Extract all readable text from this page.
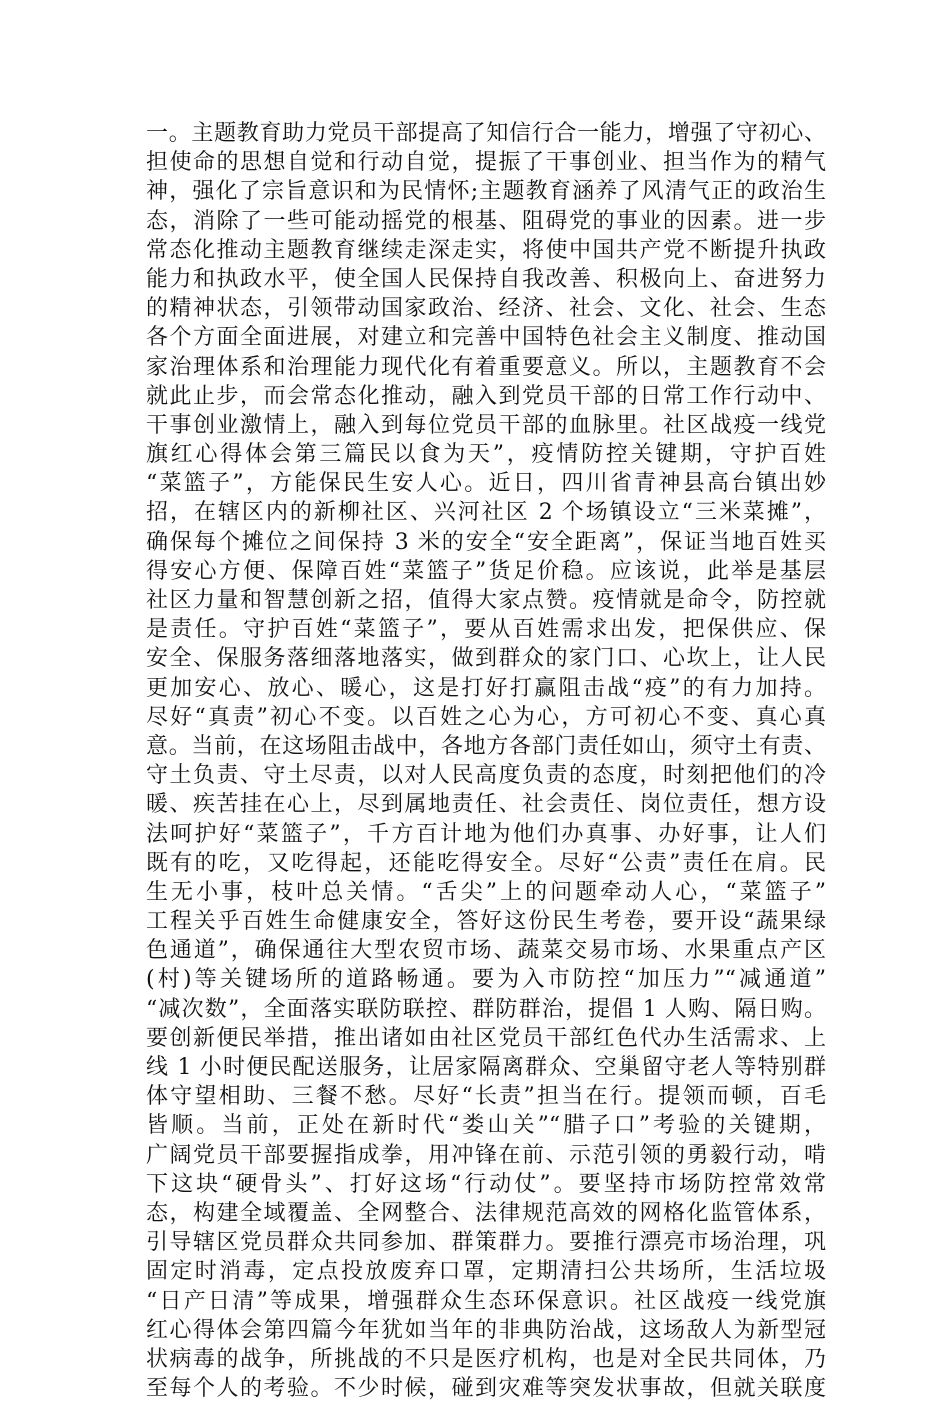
一。主题教育助力党员干部提高了知信行合一能力，增强了守初心、
担使命的思想自觉和行动自觉，提振了干事创业、担当作为的精气
神，强化了宗旨意识和为民情怀;主题教育涵养了风清气正的政治生
态，消除了一些可能动摇党的根基、阻碍党的事业的因素。进一步
常态化推动主题教育继续走深走实，将使中国共产党不断提升执政
能力和执政水平，使全国人民保持自我改善、积极向上、奋进努力
的精神状态，引领带动国家政治、经济、社会、文化、社会、生态
各个方面全面进展，对建立和完善中国特色社会主义制度、推动国
家治理体系和治理能力现代化有着重要意义。所以，主题教育不会
就此止步，而会常态化推动，融入到党员干部的日常工作行动中、
干事创业激情上，融入到每位党员干部的血脉里。社区战疫一线党
旗红心得体会第三篇民以食为天”，疫情防控关键期，守护百姓
“菜篮子”，方能保民生安人心。近日，四川省青神县高台镇出妙
招，在辖区内的新柳社区、兴河社区 2 个场镇设立“三米菜摊”，
确保每个摊位之间保持 3 米的安全“安全距离”，保证当地百姓买
得安心方便、保障百姓“菜篮子”货足价稳。应该说，此举是基层
社区力量和智慧创新之招，值得大家点赞。疫情就是命令，防控就
是责任。守护百姓“菜篮子”，要从百姓需求出发，把保供应、保
安全、保服务落细落地落实，做到群众的家门口、心坎上，让人民
更加安心、放心、暖心，这是打好打赢阻击战“疫”的有力加持。
尽好“真责”初心不变。以百姓之心为心，方可初心不变、真心真
意。当前，在这场阻击战中，各地方各部门责任如山，须守土有责、
守土负责、守土尽责，以对人民高度负责的态度，时刻把他们的冷
暖、疾苦挂在心上，尽到属地责任、社会责任、岗位责任，想方设
法呵护好“菜篮子”，千方百计地为他们办真事、办好事，让人们
既有的吃，又吃得起，还能吃得安全。尽好“公责”责任在肩。民
生无小事，枝叶总关情。“舌尖”上的问题牵动人心，“菜篮子”
工程关乎百姓生命健康安全，答好这份民生考卷，要开设“蔬果绿
色通道”，确保通往大型农贸市场、蔬菜交易市场、水果重点产区
(村)等关键场所的道路畅通。要为入市防控“加压力”“减通道”
“减次数”，全面落实联防联控、群防群治，提倡 1 人购、隔日购。
要创新便民举措，推出诸如由社区党员干部红色代办生活需求、上
线 1 小时便民配送服务，让居家隔离群众、空巢留守老人等特别群
体守望相助、三餐不愁。尽好“长责”担当在行。提领而顿，百毛
皆顺。当前，正处在新时代“娄山关”“腊子口”考验的关键期，
广阔党员干部要握指成拳，用冲锋在前、示范引领的勇毅行动，啃
下这块“硬骨头”、打好这场“行动仗”。要坚持市场防控常效常
态，构建全域覆盖、全网整合、法律规范高效的网格化监管体系，
引导辖区党员群众共同参加、群策群力。要推行漂亮市场治理，巩
固定时消毒，定点投放废弃口罩，定期清扫公共场所，生活垃圾
“日产日清”等成果，增强群众生态环保意识。社区战疫一线党旗
红心得体会第四篇今年犹如当年的非典防治战，这场敌人为新型冠
状病毒的战争，所挑战的不只是医疗机构，也是对全民共同体，乃
至每个人的考验。不少时候，碰到灾难等突发状事故，但就关联度
